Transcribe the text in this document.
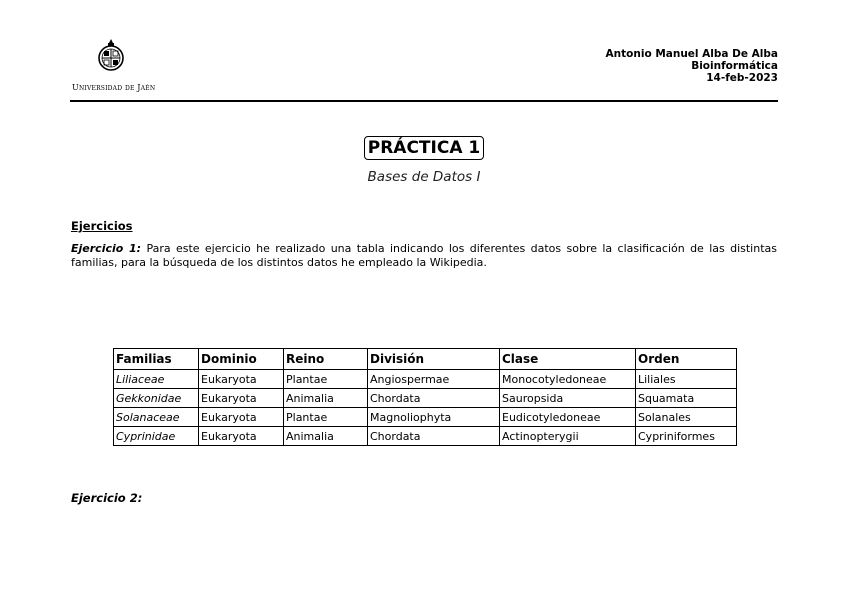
Universidad de Jaén
Antonio Manuel Alba De Alba
Bioinformática
14-feb-2023
PRÁCTICA 1
Bases de Datos I
Ejercicios
Ejercicio 1: Para este ejercicio he realizado una tabla indicando los diferentes datos sobre la clasificación de las distintas familias, para la búsqueda de los distintos datos he empleado la Wikipedia.
Familias	Dominio	Reino	División	Clase	Orden
Liliaceae	Eukaryota	Plantae	Angiospermae	Monocotyledoneae	Liliales
Gekkonidae	Eukaryota	Animalia	Chordata	Sauropsida	Squamata
Solanaceae	Eukaryota	Plantae	Magnoliophyta	Eudicotyledoneae	Solanales
Cyprinidae	Eukaryota	Animalia	Chordata	Actinopterygii	Cypriniformes
Ejercicio 2:
